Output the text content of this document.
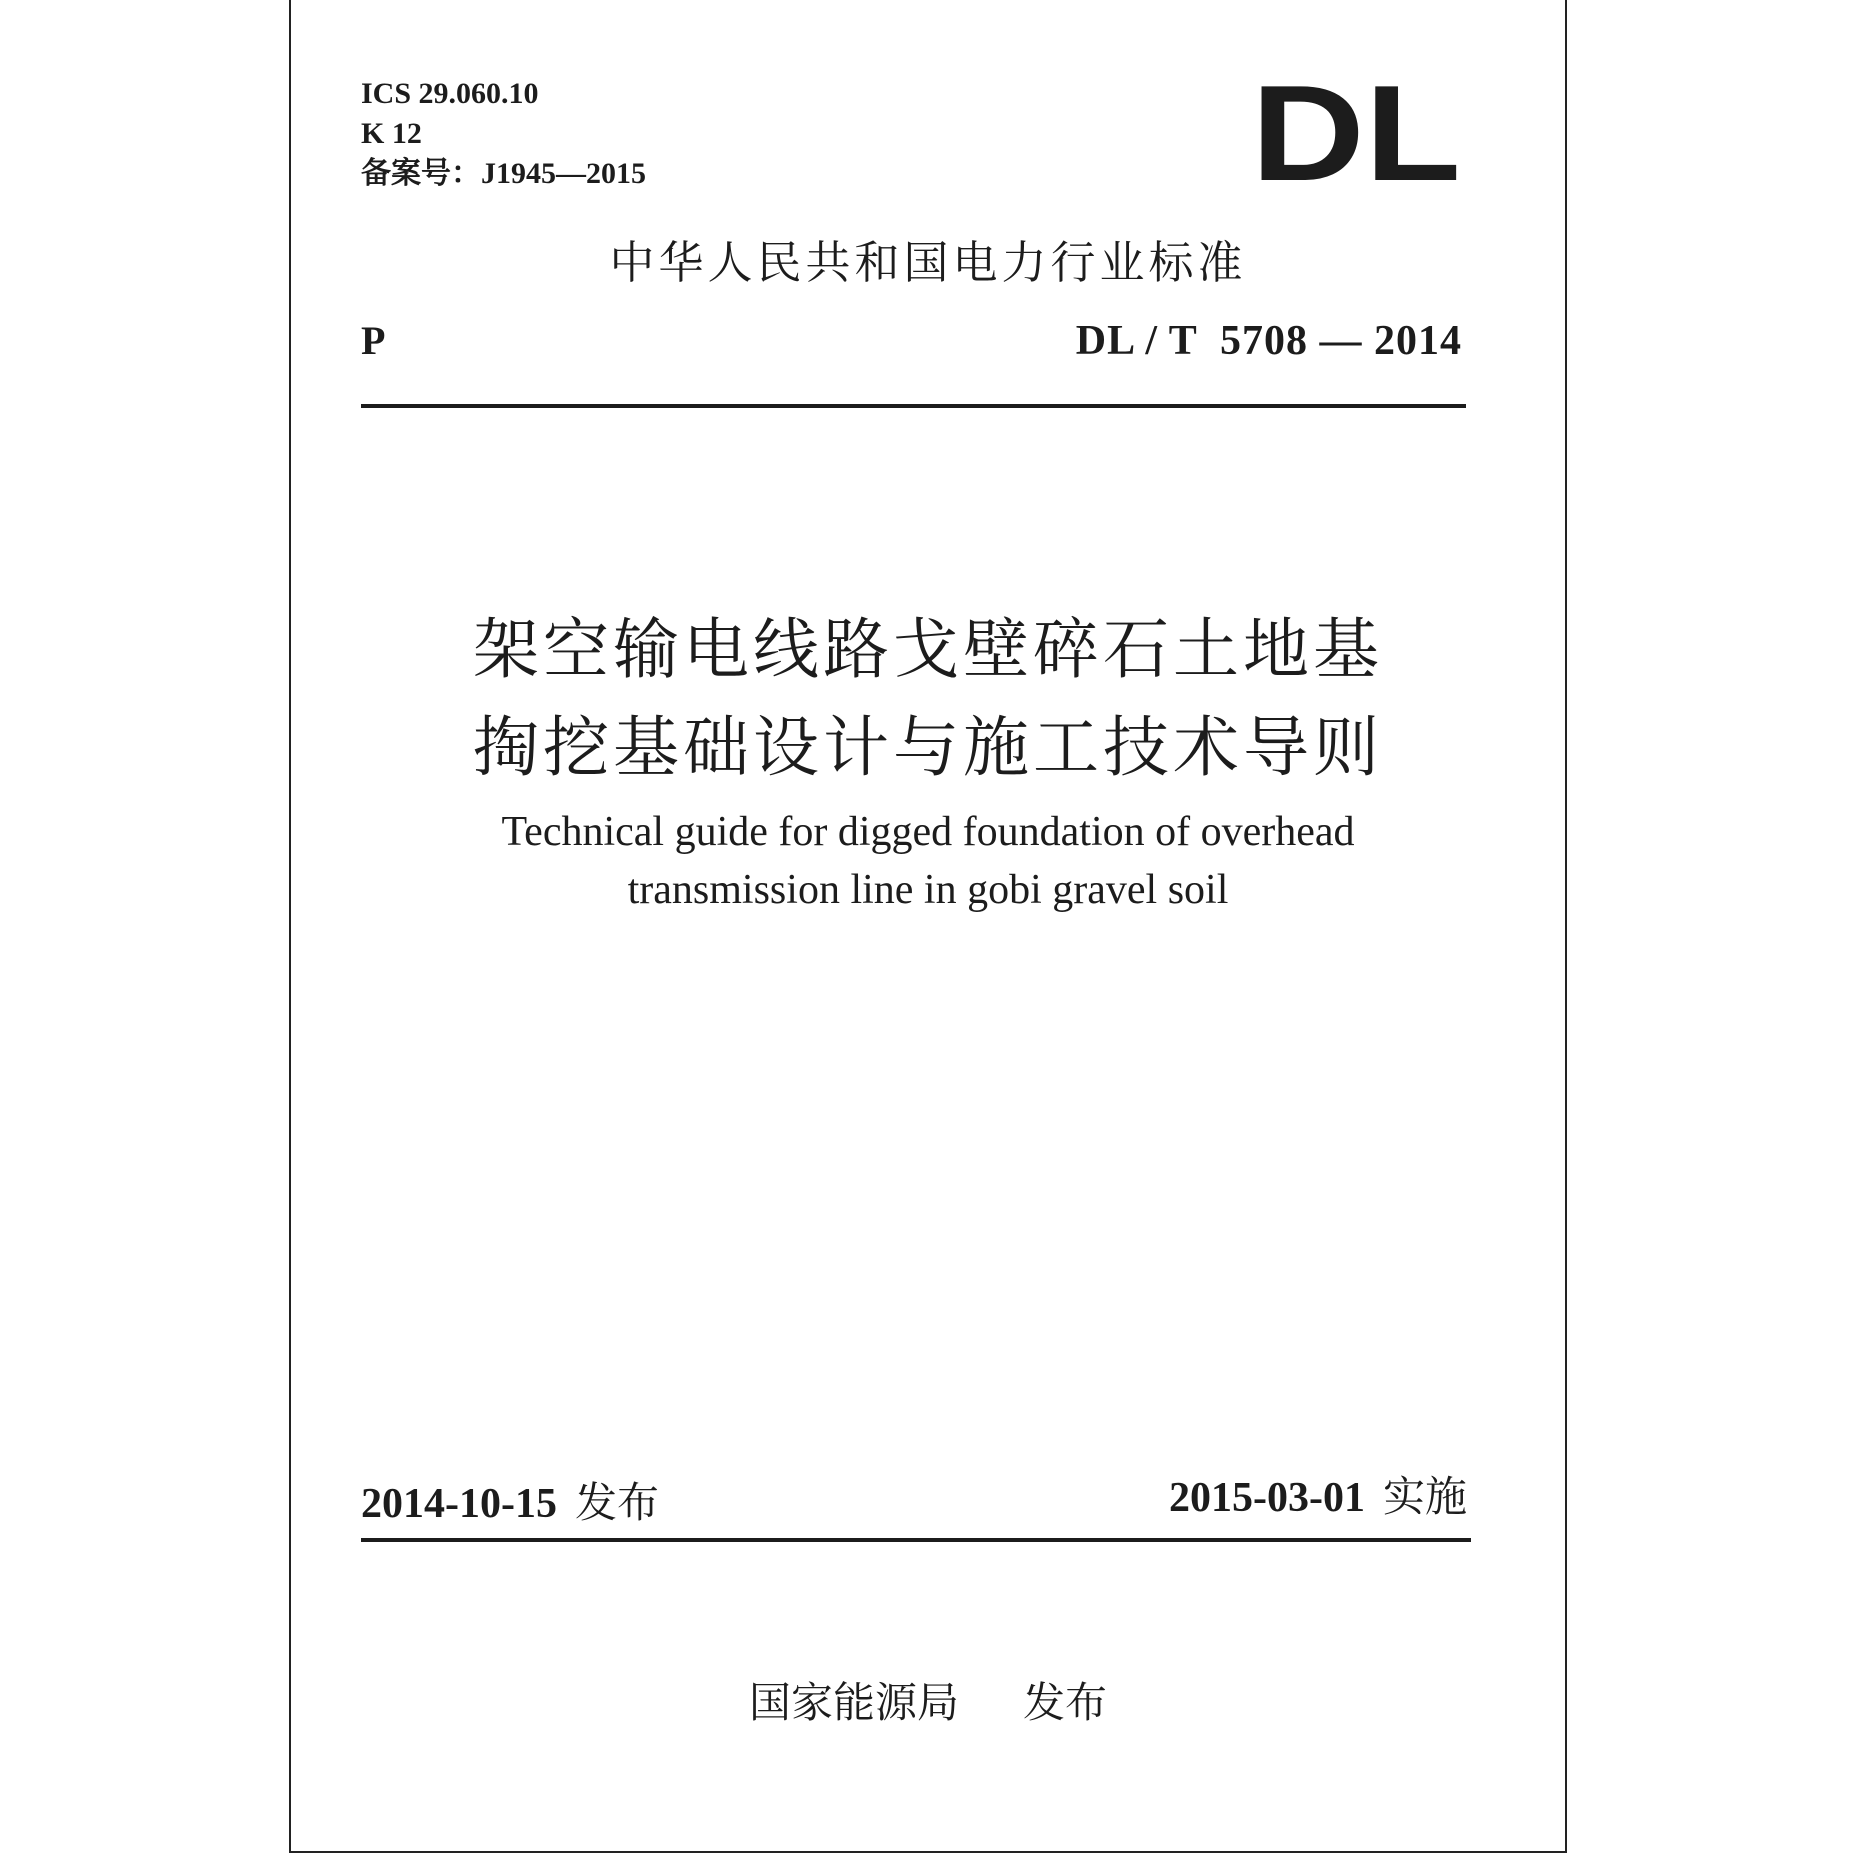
ICS 29.060.10
K 12
备案号：J1945—2015	DL
中华人民共和国电力行业标准
P	DL / T  5708 — 2014
架空输电线路戈壁碎石土地基
掏挖基础设计与施工技术导则
Technical guide for digged foundation of overhead
transmission line in gobi gravel soil
2014-10-15 发布	2015-03-01 实施
国家能源局 发布
